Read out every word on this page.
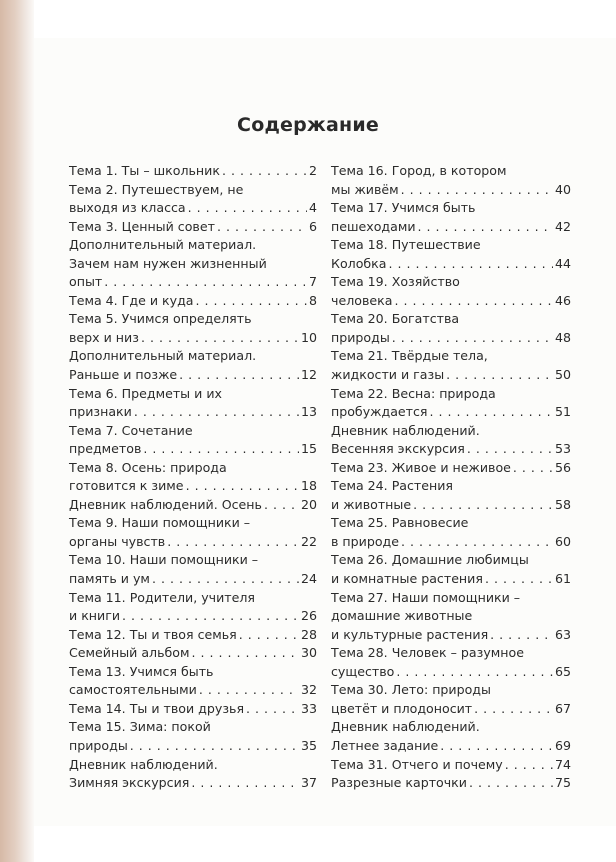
Содержание
Тема 1. Ты – школьник . . .	2
Тема 2. Путешествуем, не
выходя из класса . . .	4
Тема 3. Ценный совет . . .	6
Дополнительный материал.
Зачем нам нужен жизненный
опыт . . .	7
Тема 4. Где и куда . . .	8
Тема 5. Учимся определять
верх и низ . . .	10
Дополнительный материал.
Раньше и позже . . .	12
Тема 6. Предметы и их
признаки . . .	13
Тема 7. Сочетание
предметов . . .	15
Тема 8. Осень: природа
готовится к зиме . . .	18
Дневник наблюдений. Осень . . .	20
Тема 9. Наши помощники –
органы чувств . . .	22
Тема 10. Наши помощники –
память и ум . . .	24
Тема 11. Родители, учителя
и книги . . .	26
Тема 12. Ты и твоя семья . . .	28
Семейный альбом . . .	30
Тема 13. Учимся быть
самостоятельными . . .	32
Тема 14. Ты и твои друзья . . .	33
Тема 15. Зима: покой
природы . . .	35
Дневник наблюдений.
Зимняя экскурсия . . .	37
Тема 16. Город, в котором
мы живём . . .	40
Тема 17. Учимся быть
пешеходами . . .	42
Тема 18. Путешествие
Колобка . . .	44
Тема 19. Хозяйство
человека . . .	46
Тема 20. Богатства
природы . . .	48
Тема 21. Твёрдые тела,
жидкости и газы . . .	50
Тема 22. Весна: природа
пробуждается . . .	51
Дневник наблюдений.
Весенняя экскурсия . . .	53
Тема 23. Живое и неживое . . .	56
Тема 24. Растения
и животные . . .	58
Тема 25. Равновесие
в природе . . .	60
Тема 26. Домашние любимцы
и комнатные растения . . .	61
Тема 27. Наши помощники –
домашние животные
и культурные растения . . .	63
Тема 28. Человек – разумное
существо . . .	65
Тема 30. Лето: природы
цветёт и плодоносит . . .	67
Дневник наблюдений.
Летнее задание . . .	69
Тема 31. Отчего и почему . . .	74
Разрезные карточки . . .	75
